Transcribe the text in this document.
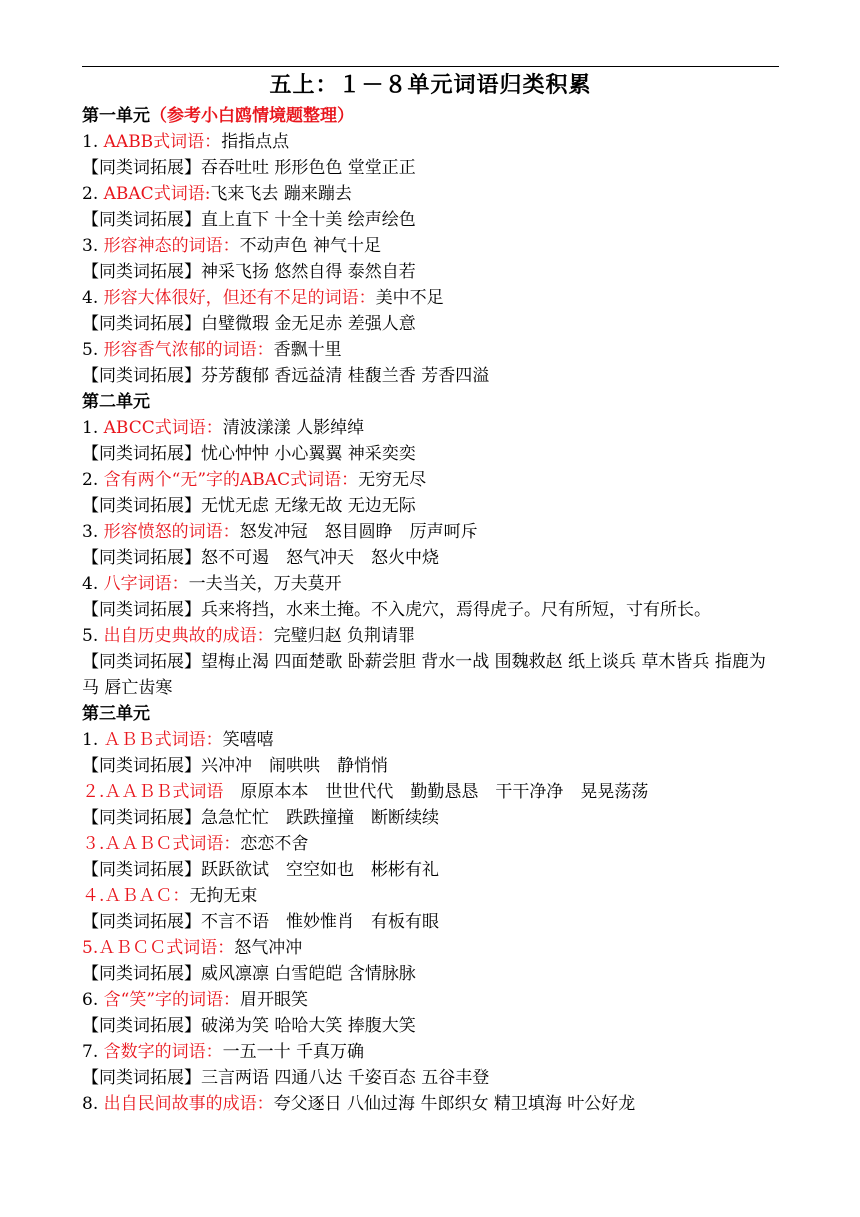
五上：１－８单元词语归类积累
第一单元（参考小白鸥情境题整理）
1. AABB式词语：指指点点
【同类词拓展】吞吞吐吐 形形色色 堂堂正正
2. ABAC式词语:飞来飞去 蹦来蹦去
【同类词拓展】直上直下 十全十美 绘声绘色
3. 形容神态的词语：不动声色 神气十足
【同类词拓展】神采飞扬 悠然自得 泰然自若
4. 形容大体很好，但还有不足的词语：美中不足
【同类词拓展】白璧微瑕 金无足赤 差强人意
5. 形容香气浓郁的词语：香飘十里
【同类词拓展】芬芳馥郁 香远益清 桂馥兰香 芳香四溢
第二单元
1. ABCC式词语：清波漾漾 人影绰绰
【同类词拓展】忧心忡忡 小心翼翼 神采奕奕
2. 含有两个“无”字的ABAC式词语：无穷无尽
【同类词拓展】无忧无虑 无缘无故 无边无际
3. 形容愤怒的词语：怒发冲冠　怒目圆睁　厉声呵斥
【同类词拓展】怒不可遏　怒气冲天　怒火中烧
4. 八字词语：一夫当关，万夫莫开
【同类词拓展】兵来将挡，水来土掩。不入虎穴，焉得虎子。尺有所短，寸有所长。
5. 出自历史典故的成语：完璧归赵 负荆请罪
【同类词拓展】望梅止渴 四面楚歌 卧薪尝胆 背水一战 围魏救赵 纸上谈兵 草木皆兵 指鹿为马 唇亡齿寒
第三单元
1. ＡＢＢ式词语：笑嘻嘻
【同类词拓展】兴冲冲　闹哄哄　静悄悄
２.ＡＡＢＢ式词语　原原本本　世世代代　勤勤恳恳　干干净净　晃晃荡荡
【同类词拓展】急急忙忙　跌跌撞撞　断断续续
３.ＡＡＢＣ式词语：恋恋不舍
【同类词拓展】跃跃欲试　空空如也　彬彬有礼
４.ＡＢＡＣ：无拘无束
【同类词拓展】不言不语　惟妙惟肖　有板有眼
5.ＡＢＣＣ式词语：怒气冲冲
【同类词拓展】威风凛凛 白雪皑皑 含情脉脉
6. 含“笑”字的词语：眉开眼笑
【同类词拓展】破涕为笑 哈哈大笑 捧腹大笑
7. 含数字的词语：一五一十 千真万确
【同类词拓展】三言两语 四通八达 千姿百态 五谷丰登
8. 出自民间故事的成语：夸父逐日 八仙过海 牛郎织女 精卫填海 叶公好龙
